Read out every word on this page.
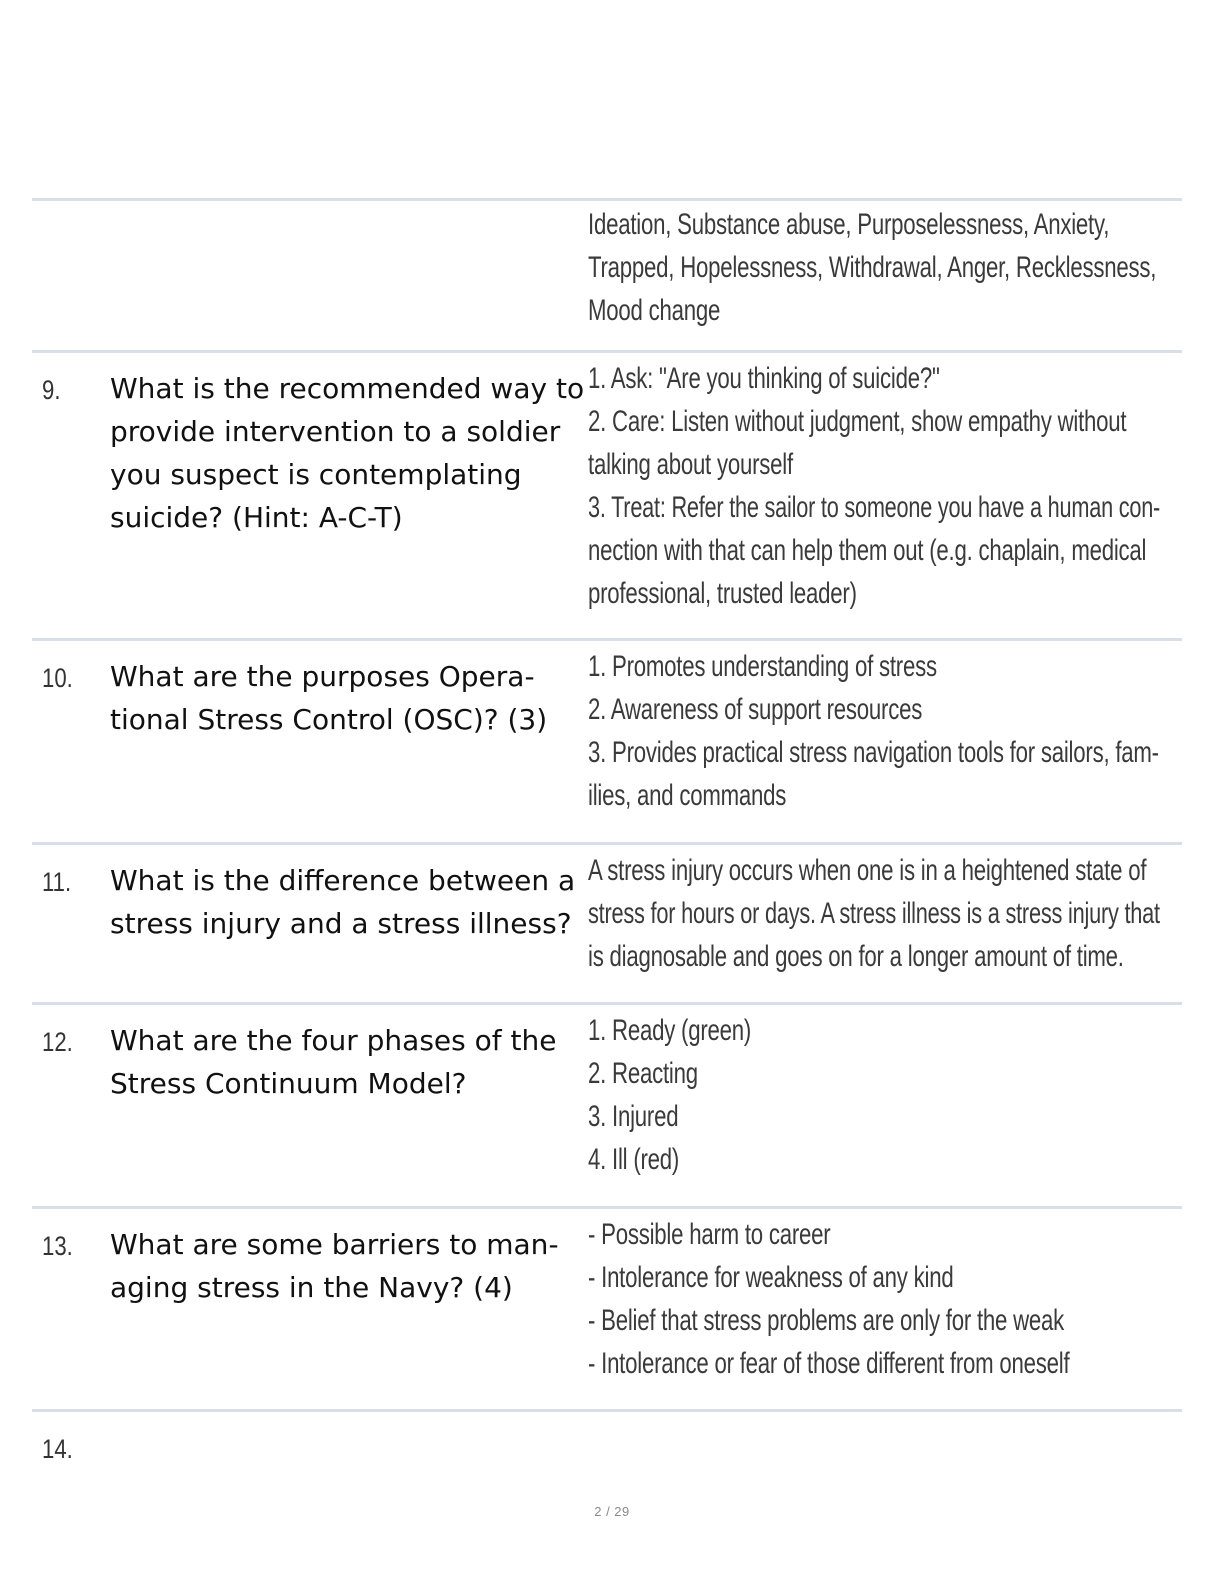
Ideation, Substance abuse, Purposelessness, Anxiety,
Trapped, Hopelessness, Withdrawal, Anger, Recklessness,
Mood change
9. What is the recommended way to provide intervention to a soldier you suspect is contemplating suicide? (Hint: A-C-T)
1. Ask: "Are you thinking of suicide?"
2. Care: Listen without judgment, show empathy without
talking about yourself
3. Treat: Refer the sailor to someone you have a human con-
nection with that can help them out (e.g. chaplain, medical
professional, trusted leader)
10. What are the purposes Operational Stress Control (OSC)? (3)
1. Promotes understanding of stress
2. Awareness of support resources
3. Provides practical stress navigation tools for sailors, fam-
ilies, and commands
11. What is the difference between a stress injury and a stress illness?
A stress injury occurs when one is in a heightened state of
stress for hours or days. A stress illness is a stress injury that
is diagnosable and goes on for a longer amount of time.
12. What are the four phases of the Stress Continuum Model?
1. Ready (green)
2. Reacting
3. Injured
4. Ill (red)
13. What are some barriers to managing stress in the Navy? (4)
- Possible harm to career
- Intolerance for weakness of any kind
- Belief that stress problems are only for the weak
- Intolerance or fear of those different from oneself
14.
2 / 29
